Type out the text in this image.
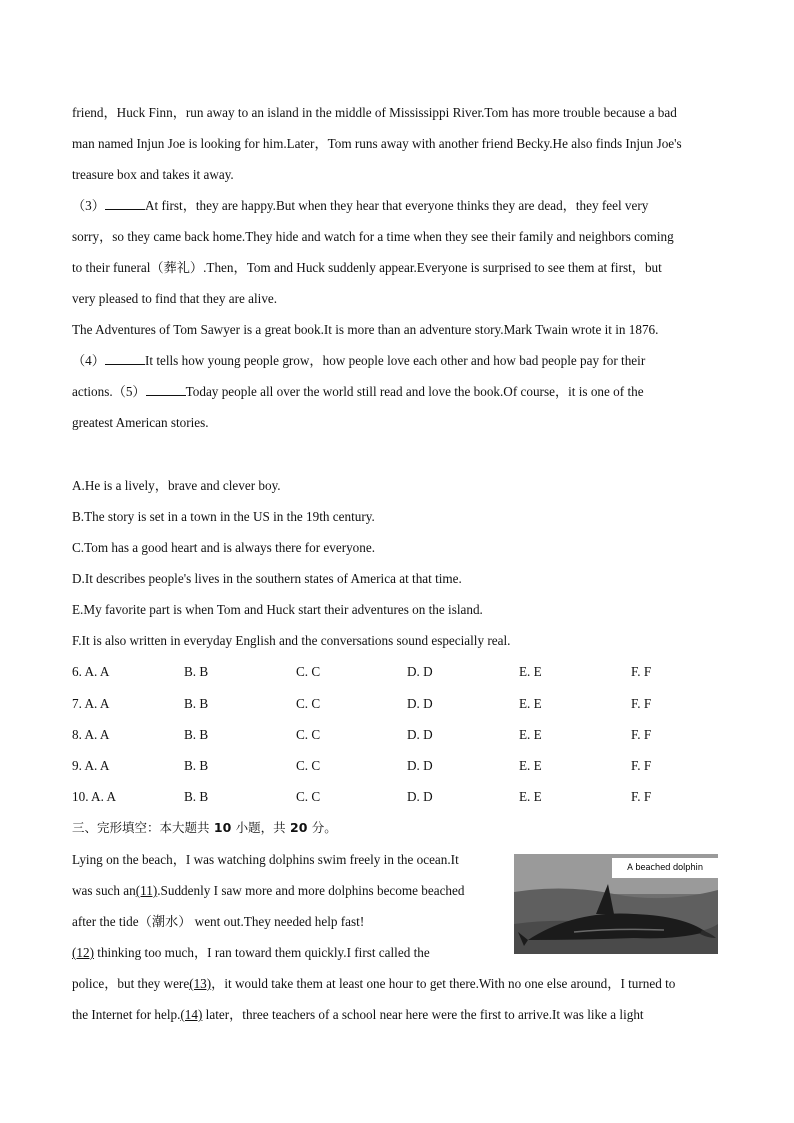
friend，Huck Finn，run away to an island in the middle of Mississippi River.Tom has more trouble because a bad
man named Injun Joe is looking for him.Later，Tom runs away with another friend Becky.He also finds Injun Joe's
treasure box and takes it away.
（3）	At first，they are happy.But when they hear that everyone thinks they are dead，they feel very
sorry，so they came back home.They hide and watch for a time when they see their family and neighbors coming
to their funeral（葬礼）.Then，Tom and Huck suddenly appear.Everyone is surprised to see them at first，but
very pleased to find that they are alive.
The Adventures of Tom Sawyer is a great book.It is more than an adventure story.Mark Twain wrote it in 1876.
（4）	It tells how young people grow，how people love each other and how bad people pay for their
actions.（5）	Today people all over the world still read and love the book.Of course，it is one of the
greatest American stories.
A.He is a lively，brave and clever boy.
B.The story is set in a town in the US in the 19th century.
C.Tom has a good heart and is always there for everyone.
D.It describes people's lives in the southern states of America at that time.
E.My favorite part is when Tom and Huck start their adventures on the island.
F.It is also written in everyday English and the conversations sound especially real.
6. A. A	B. B	C. C	D. D	E. E	F. F
7. A. A	B. B	C. C	D. D	E. E	F. F
8. A. A	B. B	C. C	D. D	E. E	F. F
9. A. A	B. B	C. C	D. D	E. E	F. F
10. A. A	B. B	C. C	D. D	E. E	F. F
三、完形填空：本大题共 10 小题，共 20 分。
Lying on the beach，I was watching dolphins swim freely in the ocean.It
was such an(11).Suddenly I saw more and more dolphins become beached
after the tide（潮水） went out.They needed help fast!
(12) thinking too much，I ran toward them quickly.I first called the
police，but they were(13)，it would take them at least one hour to get there.With no one else around，I turned to
the Internet for help.(14) later，three teachers of a school near here were the first to arrive.It was like a light
A beached dolphin
